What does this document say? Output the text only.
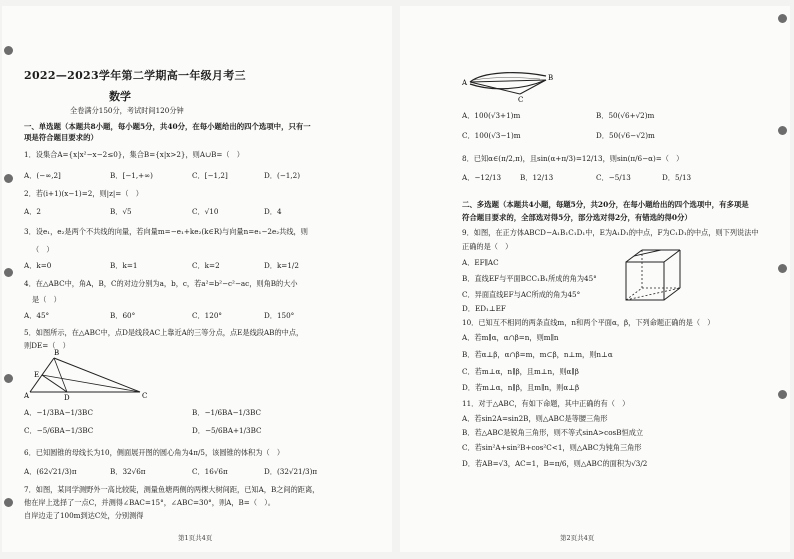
2022—2023学年第二学期高一年级月考三
数学
全卷满分150分，考试时间120分钟
一、单选题（本题共8小题，每小题5分，共40分，在每小题给出的四个选项中，只有一
项是符合题目要求的）
1．设集合A={x|x²−x−2≤0}，集合B={x|x>2}，则A∪B=（　）
A．(−∞,2]	B．[−1,+∞)	C．[−1,2]	D．(−1,2)
2．若(i+1)(x−1)=2，则|z|=（　）
A．2	B．√5	C．√10	D．4
3．设e₁，e₂是两个不共线的向量，若向量m=−e₁+ke₂(k∈R)与向量n=e₁−2e₂共线，则
（　）
A．k=0	B．k=1	C．k=2	D．k=1/2
4．在△ABC中，角A，B，C的对边分别为a，b，c，若a²=b²−c²−ac，则角B的大小
是（　）
A．45°	B．60°	C．120°	D．150°
5．如图所示，在△ABC中，点D是线段AC上靠近A的三等分点，点E是线段AB的中点，
则DE=（　）
B
E
A	D	C
A．−1/3BA−1/3BC	B．−1/6BA−1/3BC
C．−5/6BA−1/3BC	D．−5/6BA+1/3BC
6．已知圆锥的母线长为10，侧面展开图的圆心角为4π/5，该圆锥的体积为（　）
A．(62√21/3)π	B．32√6π	C．16√6π	D．(32√21/3)π
7．如图，某同学测野外一高比较陡，测量鱼塘两侧的两棵大树间距，已知A，B之间的距离，
他在岸上选择了一点C，并测得∠BAC=15°，∠ABC=30°，则A，B=（　）。
自岸边走了100m到达C处，分别测得
第1页共4页
A
B
C
A．100(√3+1)m	B．50(√6+√2)m
C．100(√3−1)m	D．50(√6−√2)m
8．已知α∈(π/2,π)，且sin(α+π/3)=12/13，则sin(π/6−α)=（　）
A．−12/13	B．12/13	C．−5/13	D．5/13
二、多选题（本题共4小题，每题5分，共20分，在每小题给出的四个选项中，有多项是
符合题目要求的，全部选对得5分，部分选对得2分，有错选的得0分）
9．如图，在正方体ABCD−A₁B₁C₁D₁中，E为A₁D₁的中点，F为C₁D₁的中点，则下列说法中
正确的是（　）
A．EF∥AC
B．直线EF与平面BCC₁B₁所成的角为45°
C．异面直线EF与AC所成的角为45°
D．ED₁⊥EF
10．已知互不相同的两条直线m，n和两个平面α，β，下列命题正确的是（　）
A．若m∥α，α∩β=n，则m∥n
B．若α⊥β，α∩β=m，m⊂β，n⊥m，则n⊥α
C．若m⊥α，n∥β，且m⊥n，则α∥β
D．若m⊥α，n∥β，且m∥n，则α⊥β
11．对于△ABC，有如下命题，其中正确的有（　）
A．若sin2A=sin2B，则△ABC是等腰三角形
B．若△ABC是锐角三角形，则不等式sinA>cosB恒成立
C．若sin²A+sin²B+cos²C<1，则△ABC为钝角三角形
D．若AB=√3，AC=1，B=π/6，则△ABC的面积为√3/2
第2页共4页
